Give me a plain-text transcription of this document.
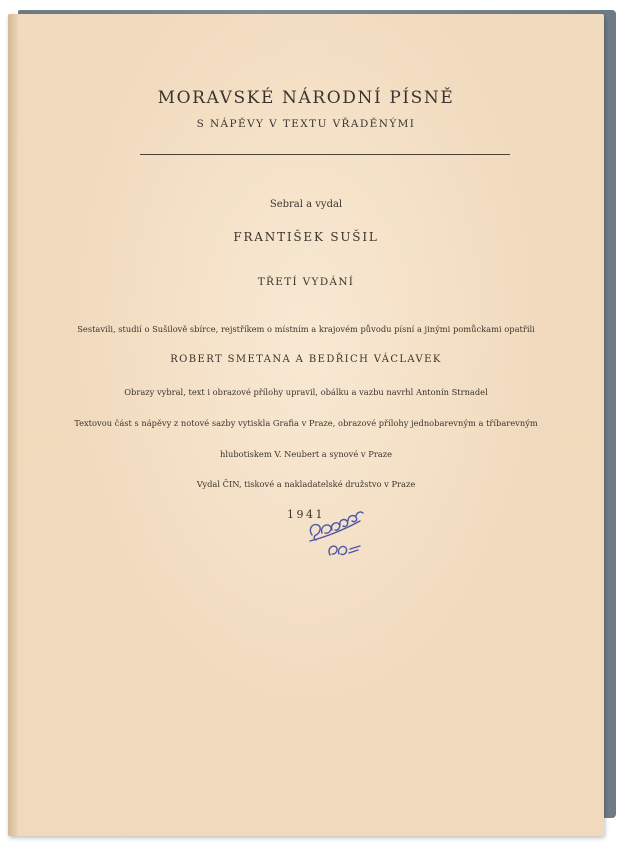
MORAVSKÉ NÁRODNÍ PÍSNĚ
S NÁPĚVY V TEXTU VŘADĚNÝMI
Sebral a vydal
FRANTIŠEK SUŠIL
TŘETÍ VYDÁNÍ
Sestavili, studií o Sušilově sbírce, rejstříkem o místním a krajovém původu písní a jinými pomůckami opatřili
ROBERT SMETANA A BEDŘICH VÁCLAVEK
Obrazy vybral, text i obrazové přílohy upravil, obálku a vazbu navrhl Antonín Strnadel
Textovou část s nápěvy z notové sazby vytiskla Grafia v Praze, obrazové přílohy jednobarevným a tříbarevným
hlubotiskem V. Neubert a synové v Praze
Vydal ČIN, tiskové a nakladatelské družstvo v Praze
1941
